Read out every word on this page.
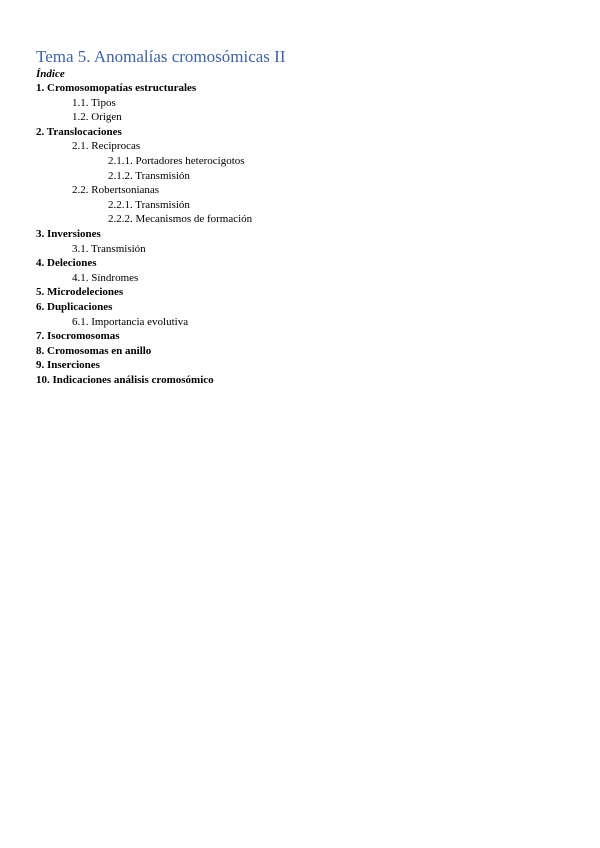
Tema 5. Anomalías cromosómicas II
Índice
1. Cromosomopatías estructurales
1.1. Tipos
1.2. Origen
2. Translocaciones
2.1. Reciprocas
2.1.1. Portadores heterocigotos
2.1.2. Transmisión
2.2. Robertsonianas
2.2.1. Transmisión
2.2.2. Mecanismos de formación
3. Inversiones
3.1. Transmisión
4. Deleciones
4.1. Síndromes
5. Microdeleciones
6. Duplicaciones
6.1. Importancia evolutiva
7. Isocromosomas
8. Cromosomas en anillo
9. Inserciones
10. Indicaciones análisis cromosómico
